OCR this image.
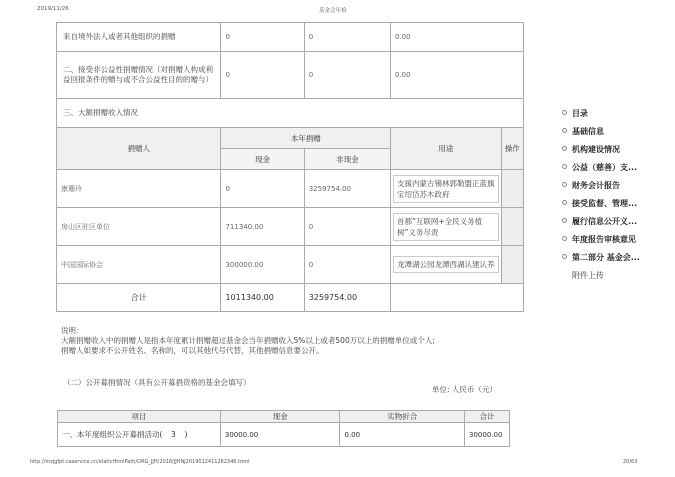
2019/11/26	基金会年检
来自境外法人或者其他组织的捐赠	0	0	0.00	
二、接受非公益性捐赠情况（对捐赠人构成利益回报条件的赠与或不合公益性目的的赠与）	0	0	0.00	
三、大额捐赠收入情况				
捐赠人	本年捐赠		用途	操作
	现金	非现金		
康珊玲	0	3259754.00	支援内蒙古锡林郭勒盟正蓝旗宝绍岱苏木政府	

房山区驻区单位	711340.00	0	首都“互联网+全民义务植树”义务尽责	

中国国际协会	300000.00	0	龙潭湖公园龙潭西湖认建认养	

合计	1011340.00	3259754.00		
说明：
大额捐赠收入中的捐赠人是指本年度累计捐赠超过基金会当年捐赠收入5%以上或者500万以上的捐赠单位或个人;
捐赠人如要求不公开姓名、名称的，可以其他代号代替，其他捐赠信息要公开。
（二）公开募捐情况（具有公开募捐资格的基金会填写）
单位: 人民币（元）
项目	现金	实物折合	合计
一、本年度组织公开募捐活动( 3 )	30000.00	0.00	30000.00
目录
基础信息
机构建设情况
公益（慈善）支...
财务会计报告
接受监督、管理...
履行信息公开义...
年度报告审核意见
第二部分 基金会...
附件上传
http://mzjgfpt.caservice.cn/staticHtmlPath/ORG_JJH/2018/JJHNJ2019012411262346.html	20/63
